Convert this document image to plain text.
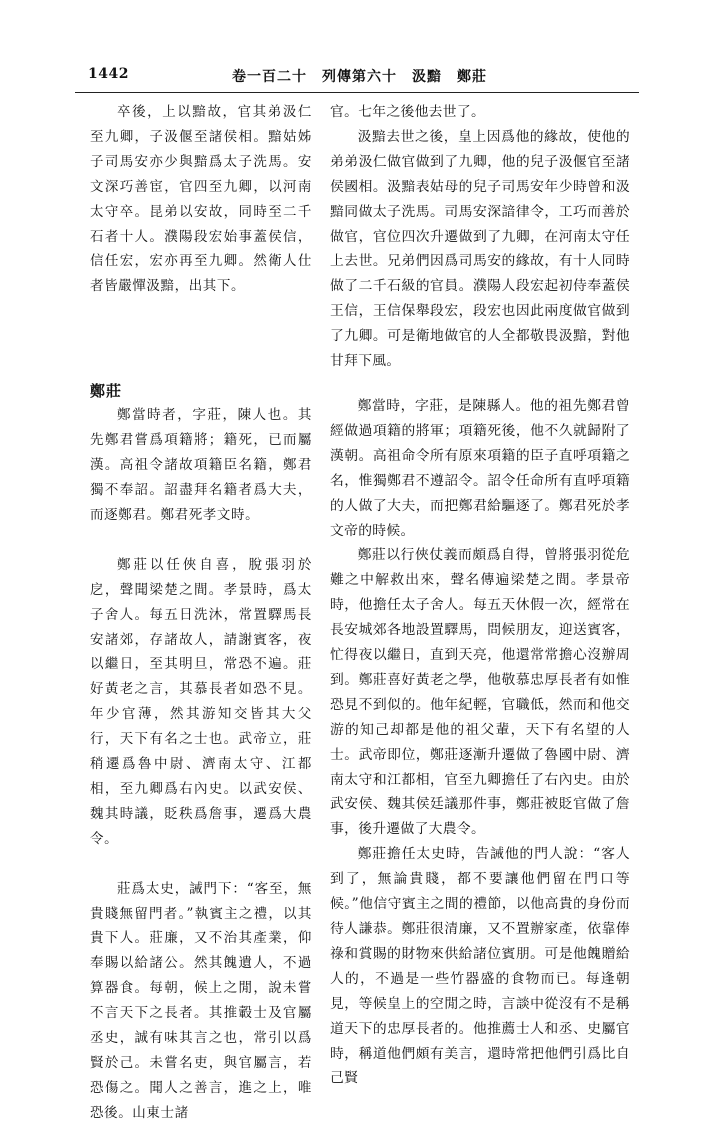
1442	卷一百二十　列傳第六十　汲黯　鄭莊

卒後，上以黯故，官其弟汲仁至九卿，子汲偃至諸侯相。黯姑姊子司馬安亦少與黯爲太子洗馬。安文深巧善宦，官四至九卿，以河南太守卒。昆弟以安故，同時至二千石者十人。濮陽段宏始事蓋侯信，信任宏，宏亦再至九卿。然衛人仕者皆嚴憚汲黯，出其下。

鄭莊

鄭當時者，字莊，陳人也。其先鄭君嘗爲項籍將；籍死，已而屬漢。高祖令諸故項籍臣名籍，鄭君獨不奉詔。詔盡拜名籍者爲大夫，而逐鄭君。鄭君死孝文時。

鄭莊以任俠自喜，脫張羽於戹，聲聞梁楚之間。孝景時，爲太子舍人。每五日洗沐，常置驛馬長安諸郊，存諸故人，請謝賓客，夜以繼日，至其明旦，常恐不遍。莊好黃老之言，其慕長者如恐不見。年少官薄，然其游知交皆其大父行，天下有名之士也。武帝立，莊稍遷爲魯中尉、濟南太守、江都相，至九卿爲右內史。以武安侯、魏其時議，貶秩爲詹事，遷爲大農令。

莊爲太史，誡門下：“客至，無貴賤無留門者。”執賓主之禮，以其貴下人。莊廉，又不治其產業，仰奉賜以給諸公。然其餽遺人，不過算器食。每朝，候上之閒，說未嘗不言天下之長者。其推轂士及官屬丞史，誠有味其言之也，常引以爲賢於己。未嘗名吏，與官屬言，若恐傷之。聞人之善言，進之上，唯恐後。山東士諸

官。七年之後他去世了。

汲黯去世之後，皇上因爲他的緣故，使他的弟弟汲仁做官做到了九卿，他的兒子汲偃官至諸侯國相。汲黯表姑母的兒子司馬安年少時曾和汲黯同做太子洗馬。司馬安深諳律令，工巧而善於做官，官位四次升遷做到了九卿，在河南太守任上去世。兄弟們因爲司馬安的緣故，有十人同時做了二千石級的官員。濮陽人段宏起初侍奉蓋侯王信，王信保舉段宏，段宏也因此兩度做官做到了九卿。可是衛地做官的人全都敬畏汲黯，對他甘拜下風。

鄭當時，字莊，是陳縣人。他的祖先鄭君曾經做過項籍的將軍；項籍死後，他不久就歸附了漢朝。高祖命令所有原來項籍的臣子直呼項籍之名，惟獨鄭君不遵詔令。詔令任命所有直呼項籍的人做了大夫，而把鄭君給驅逐了。鄭君死於孝文帝的時候。

鄭莊以行俠仗義而頗爲自得，曾將張羽從危難之中解救出來，聲名傳遍梁楚之間。孝景帝時，他擔任太子舍人。每五天休假一次，經常在長安城郊各地設置驛馬，問候朋友，迎送賓客，忙得夜以繼日，直到天亮，他還常常擔心沒辦周到。鄭莊喜好黃老之學，他敬慕忠厚長者有如惟恐見不到似的。他年紀輕，官職低，然而和他交游的知己却都是他的祖父輩，天下有名望的人士。武帝即位，鄭莊逐漸升遷做了魯國中尉、濟南太守和江都相，官至九卿擔任了右內史。由於武安侯、魏其侯廷議那件事，鄭莊被貶官做了詹事，後升遷做了大農令。

鄭莊擔任太史時，告誡他的門人說：“客人到了，無論貴賤，都不要讓他們留在門口等候。”他信守賓主之間的禮節，以他高貴的身份而待人謙恭。鄭莊很清廉，又不置辦家產，依靠俸祿和賞賜的財物來供給諸位賓朋。可是他餽贈給人的，不過是一些竹器盛的食物而已。每逢朝見，等候皇上的空閒之時，言談中從沒有不是稱道天下的忠厚長者的。他推薦士人和丞、史屬官時，稱道他們頗有美言，還時常把他們引爲比自己賢
